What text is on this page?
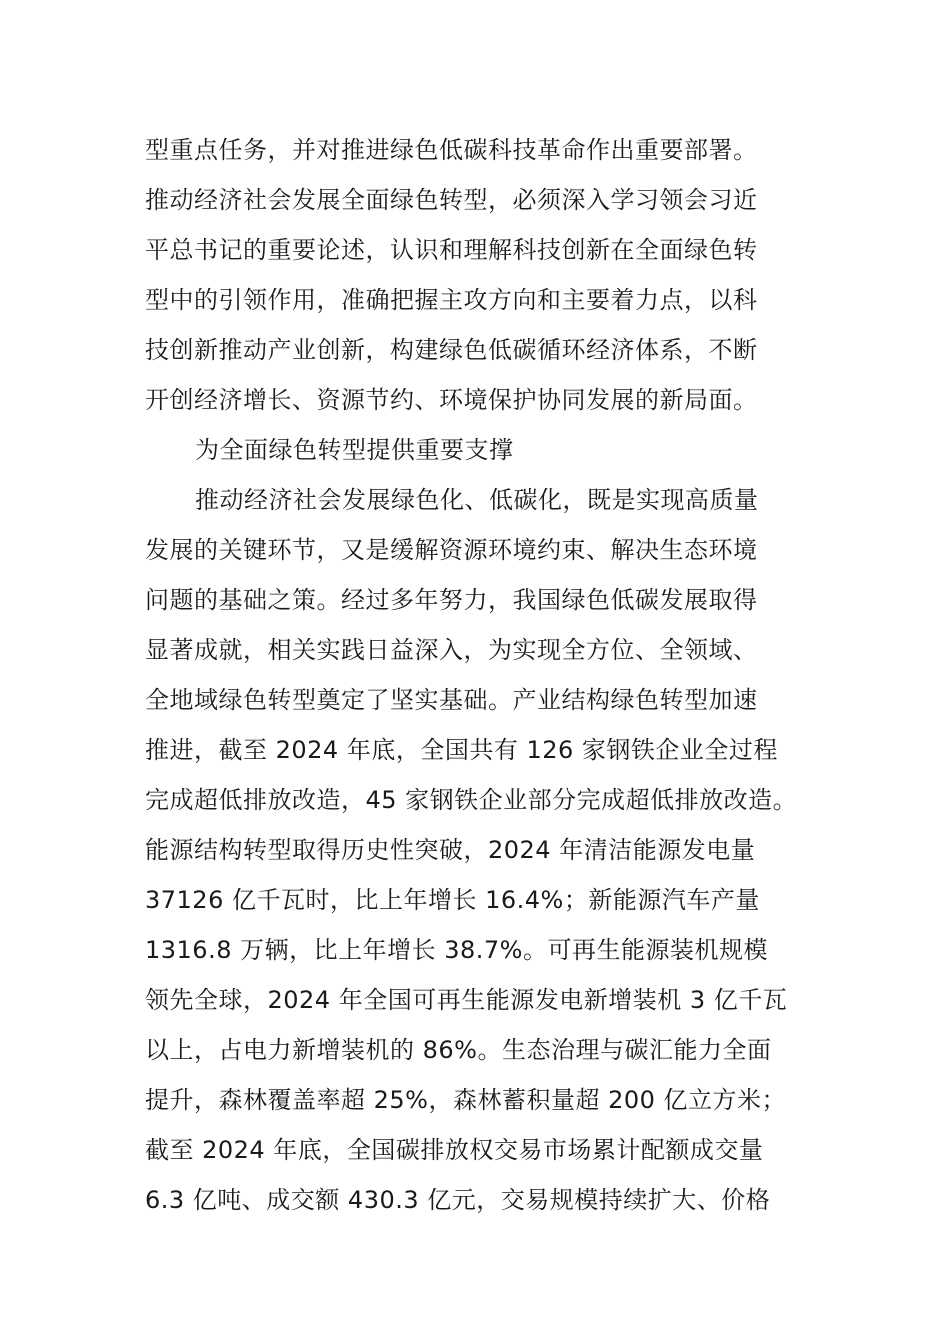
型重点任务，并对推进绿色低碳科技革命作出重要部署。
推动经济社会发展全面绿色转型，必须深入学习领会习近
平总书记的重要论述，认识和理解科技创新在全面绿色转
型中的引领作用，准确把握主攻方向和主要着力点，以科
技创新推动产业创新，构建绿色低碳循环经济体系，不断
开创经济增长、资源节约、环境保护协同发展的新局面。
为全面绿色转型提供重要支撑
推动经济社会发展绿色化、低碳化，既是实现高质量
发展的关键环节，又是缓解资源环境约束、解决生态环境
问题的基础之策。经过多年努力，我国绿色低碳发展取得
显著成就，相关实践日益深入，为实现全方位、全领域、
全地域绿色转型奠定了坚实基础。产业结构绿色转型加速
推进，截至 2024 年底，全国共有 126 家钢铁企业全过程
完成超低排放改造，45 家钢铁企业部分完成超低排放改造。
能源结构转型取得历史性突破，2024 年清洁能源发电量
37126 亿千瓦时，比上年增长 16.4%；新能源汽车产量
1316.8 万辆，比上年增长 38.7%。可再生能源装机规模
领先全球，2024 年全国可再生能源发电新增装机 3 亿千瓦
以上，占电力新增装机的 86%。生态治理与碳汇能力全面
提升，森林覆盖率超 25%，森林蓄积量超 200 亿立方米；
截至 2024 年底，全国碳排放权交易市场累计配额成交量
6.3 亿吨、成交额 430.3 亿元，交易规模持续扩大、价格
